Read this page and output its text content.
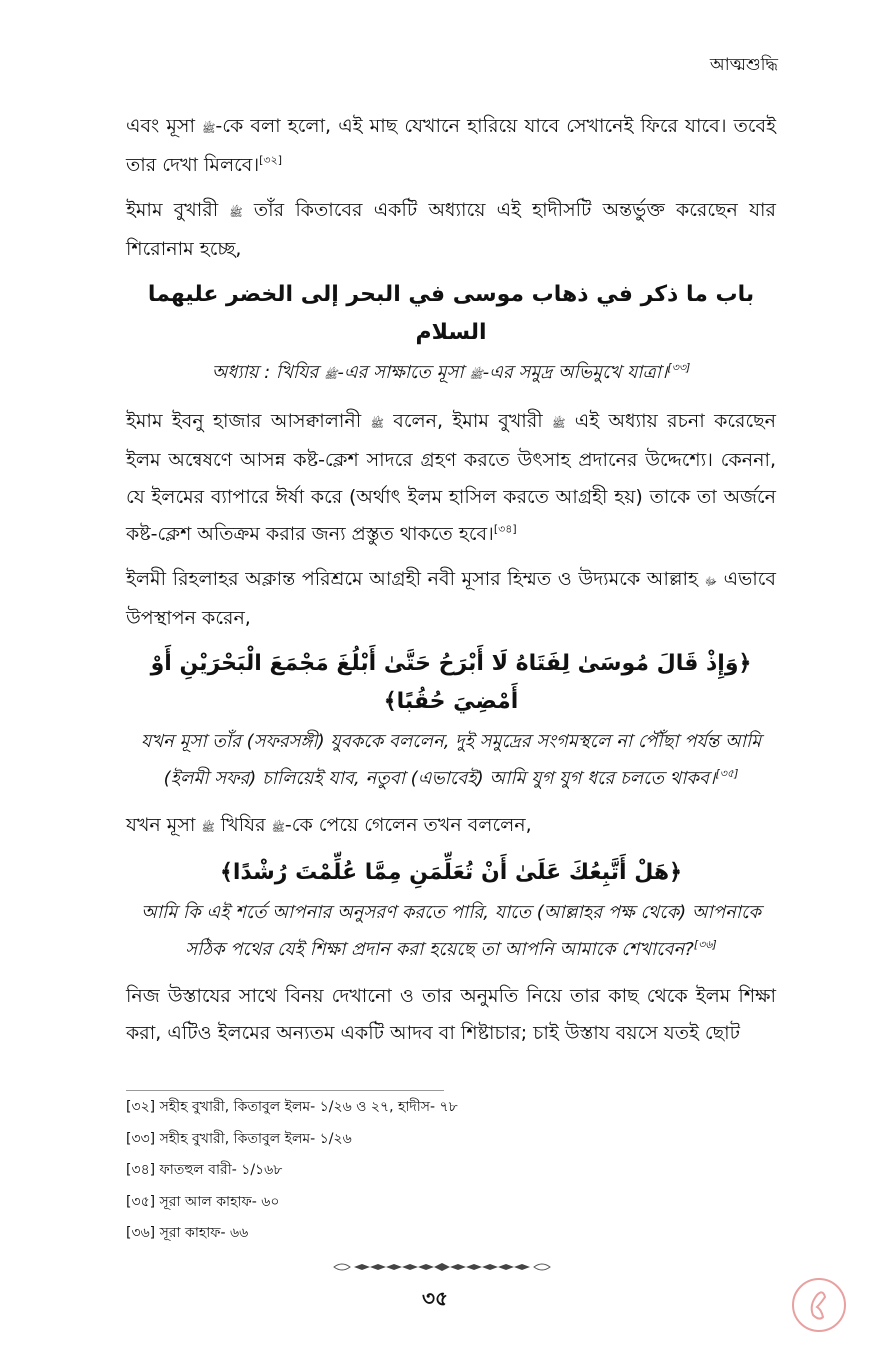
আত্মশুদ্ধি

এবং মূসা ﷺ-কে বলা হলো, এই মাছ যেখানে হারিয়ে যাবে সেখানেই ফিরে যাবে। তবেই তার দেখা মিলবে।[৩২]

ইমাম বুখারী ﷺ তাঁর কিতাবের একটি অধ্যায়ে এই হাদীসটি অন্তর্ভুক্ত করেছেন যার শিরোনাম হচ্ছে,

باب ما ذكر في ذهاب موسى في البحر إلى الخضر عليهما السلام

অধ্যায় : খিযির ﷺ-এর সাক্ষাতে মূসা ﷺ-এর সমুদ্র অভিমুখে যাত্রা।[৩৩]

ইমাম ইবনু হাজার আসক্বালানী ﷺ বলেন, ইমাম বুখারী ﷺ এই অধ্যায় রচনা করেছেন ইলম অন্বেষণে আসন্ন কষ্ট-ক্লেশ সাদরে গ্রহণ করতে উৎসাহ প্রদানের উদ্দেশ্যে। কেননা, যে ইলমের ব্যাপারে ঈর্ষা করে (অর্থাৎ ইলম হাসিল করতে আগ্রহী হয়) তাকে তা অর্জনে কষ্ট-ক্লেশ অতিক্রম করার জন্য প্রস্তুত থাকতে হবে।[৩৪]

ইলমী রিহলাহর অক্লান্ত পরিশ্রমে আগ্রহী নবী মূসার হিম্মত ও উদ্যমকে আল্লাহ ﷻ এভাবে উপস্থাপন করেন,

﴿وَإِذْ قَالَ مُوسَىٰ لِفَتَاهُ لَا أَبْرَحُ حَتَّىٰ أَبْلُغَ مَجْمَعَ الْبَحْرَيْنِ أَوْ أَمْضِيَ حُقُبًا﴾

যখন মূসা তাঁর (সফরসঙ্গী) যুবককে বললেন, দুই সমুদ্রের সংগমস্থলে না পৌঁছা পর্যন্ত আমি (ইলমী সফর) চালিয়েই যাব, নতুবা (এভাবেই) আমি যুগ যুগ ধরে চলতে থাকব।[৩৫]

যখন মূসা ﷺ খিযির ﷺ-কে পেয়ে গেলেন তখন বললেন,

﴿هَلْ أَتَّبِعُكَ عَلَىٰ أَنْ تُعَلِّمَنِ مِمَّا عُلِّمْتَ رُشْدًا﴾

আমি কি এই শর্তে আপনার অনুসরণ করতে পারি, যাতে (আল্লাহর পক্ষ থেকে) আপনাকে সঠিক পথের যেই শিক্ষা প্রদান করা হয়েছে তা আপনি আমাকে শেখাবেন?[৩৬]

নিজ উস্তাযের সাথে বিনয় দেখানো ও তার অনুমতি নিয়ে তার কাছ থেকে ইলম শিক্ষা করা, এটিও ইলমের অন্যতম একটি আদব বা শিষ্টাচার; চাই উস্তায বয়সে যতই ছোট

[৩২] সহীহ বুখারী, কিতাবুল ইলম- ১/২৬ ও ২৭, হাদীস- ৭৮
[৩৩] সহীহ বুখারী, কিতাবুল ইলম- ১/২৬
[৩৪] ফাতহুল বারী- ১/১৬৮
[৩৫] সূরা আল কাহাফ- ৬০
[৩৬] সূরা কাহাফ- ৬৬
৩৫
